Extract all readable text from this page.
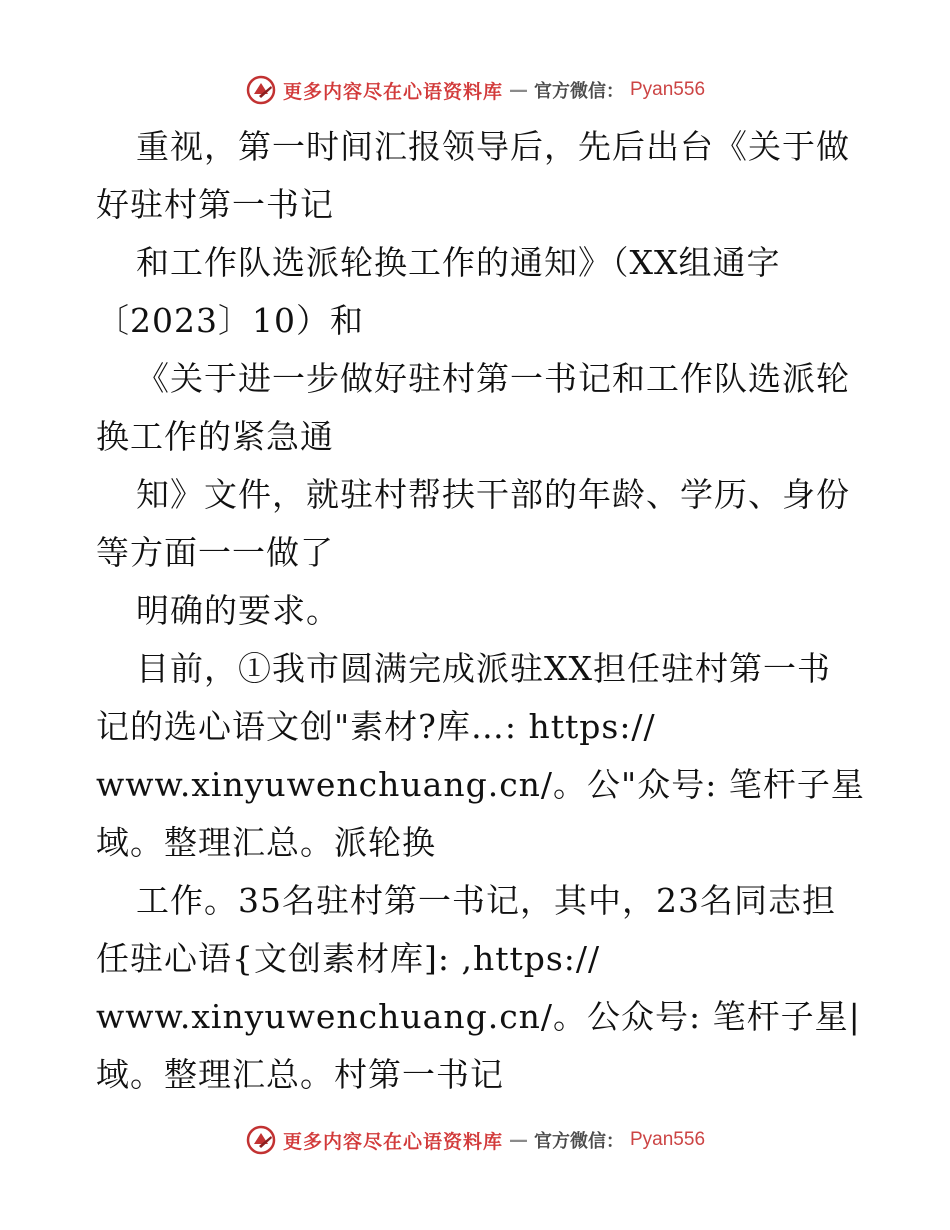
更多内容尽在心语资料库 — 官方微信： Pyan556
重视，第一时间汇报领导后，先后出台《关于做
好驻村第一书记
和工作队选派轮换工作的通知》（XX组通字
〔2023〕10）和
《关于进一步做好驻村第一书记和工作队选派轮
换工作的紧急通
知》文件，就驻村帮扶干部的年龄、学历、身份
等方面一一做了
明确的要求。
目前，①我市圆满完成派驻XX担任驻村第一书
记的选心语文创"素材?库…: https://
www.xinyuwenchuang.cn/。公"众号: 笔杆子星
域。整理汇总。派轮换
工作。35名驻村第一书记，其中，23名同志担
任驻心语{文创素材库]: ,https://
www.xinyuwenchuang.cn/。公众号: 笔杆子星|
域。整理汇总。村第一书记
更多内容尽在心语资料库 — 官方微信： Pyan556
